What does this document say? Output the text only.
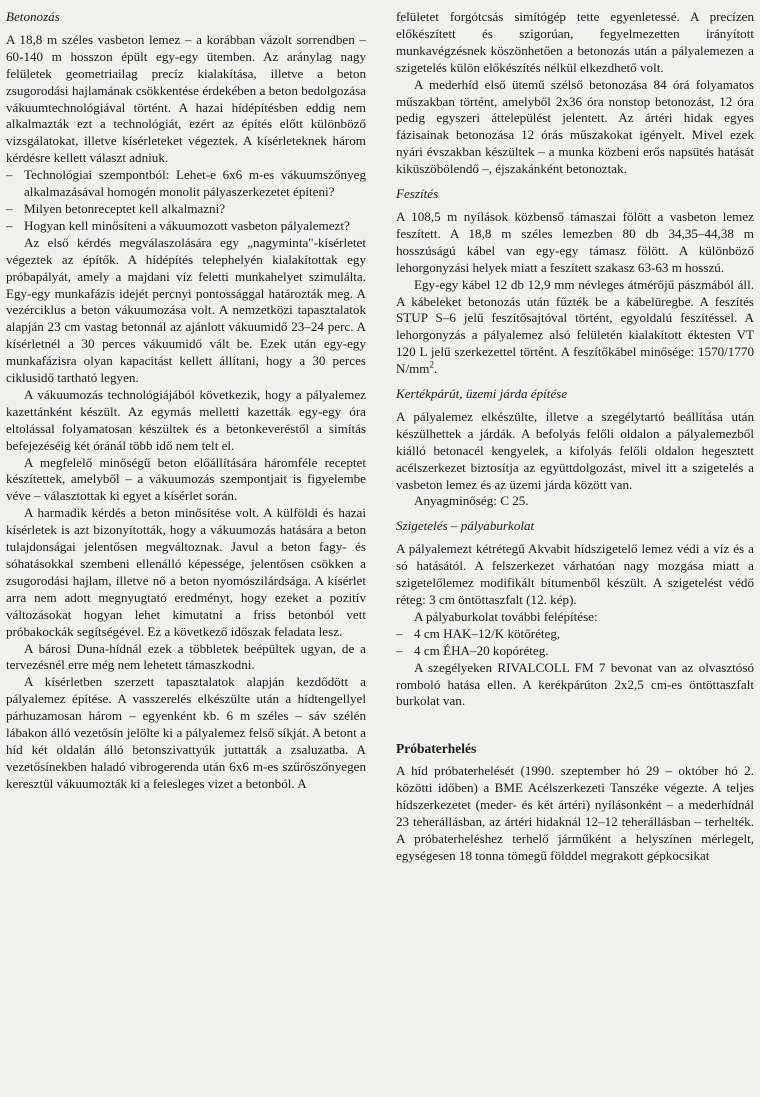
Betonozás

A 18,8 m széles vasbeton lemez – a korábban vázolt sorrendben – 60-140 m hosszon épült egy-egy ütemben. Az aránylag nagy felületek geometriailag precíz kialakítása, illetve a beton zsugorodási hajlamának csökkentése érdekében a beton bedolgozása vákuumtechnológiával történt. A hazai hídépítésben eddig nem alkalmazták ezt a technológiát, ezért az építés előtt különböző vizsgálatokat, illetve kísérleteket végeztek. A kísérleteknek három kérdésre kellett választ adniuk.

– Technológiai szempontból: Lehet-e 6x6 m-es vákuumszőnyeg alkalmazásával homogén monolit pályaszerkezetet építeni?
– Milyen betonreceptet kell alkalmazni?
– Hogyan kell minősíteni a vákuumozott vasbeton pályalemezt?

Az első kérdés megválaszolására egy „nagyminta"-kísérletet végeztek az építők. A hídépítés telephelyén kialakítottak egy próbapályát, amely a majdani víz feletti munkahelyet szimulálta. Egy-egy munkafázis idejét percnyi pontossággal határozták meg. A vezérciklus a beton vákuumozása volt. A nemzetközi tapasztalatok alapján 23 cm vastag betonnál az ajánlott vákuumidő 23–24 perc. A kísérletnél a 30 perces vákuumidő vált be. Ezek után egy-egy munkafázisra olyan kapacitást kellett állítani, hogy a 30 perces ciklusidő tartható legyen.

A vákuumozás technológiájából következik, hogy a pályalemez kazettánként készült. Az egymás melletti kazetták egy-egy óra eltolással folyamatosan készültek és a betonkeveréstől a simítás befejezéséig két óránál több idő nem telt el.

A megfelelő minőségű beton előállítására háromféle receptet készítettek, amelyből – a vákuumozás szempontjait is figyelembe véve – választottak ki egyet a kísérlet során.

A harmadik kérdés a beton minősítése volt. A külföldi és hazai kísérletek is azt bizonyították, hogy a vákuumozás hatására a beton tulajdonságai jelentősen megváltoznak. Javul a beton fagy- és sóhatásokkal szembeni ellenálló képessége, jelentősen csökken a zsugorodási hajlam, illetve nő a beton nyomószilárdsága. A kísérlet arra nem adott megnyugtató eredményt, hogy ezeket a pozitív változásokat hogyan lehet kimutatni a friss betonból vett próbakockák segítségével. Ez a következő időszak feladata lesz.

A bárosi Duna-hídnál ezek a többletek beépültek ugyan, de a tervezésnél erre még nem lehetett támaszkodni.

A kísérletben szerzett tapasztalatok alapján kezdődött a pályalemez építése. A vasszerelés elkészülte után a hídtengellyel párhuzamosan három – egyenként kb. 6 m széles – sáv szélén lábakon álló vezetősín jelölte ki a pályalemez felső síkját. A betont a híd két oldalán álló betonszivattyúk juttatták a zsaluzatba. A vezetősínekben haladó vibrogerenda után 6x6 m-es szűrőszőnyegen keresztül vákuumozták ki a felesleges vizet a betonból. A

felületet forgótcsás simítógép tette egyenletessé. A precízen előkészített és szigorúan, fegyelmezetten irányított munkavégzésnek köszönhetően a betonozás után a pályalemezen a szigetelés külön előkészítés nélkül elkezdhető volt.

A mederhíd első ütemű szélső betonozása 84 órá folyamatos műszakban történt, amelyből 2x36 óra nonstop betonozást, 12 óra pedig egyszeri áttelepülést jelentett. Az ártéri hidak egyes fázisainak betonozása 12 órás műszakokat igényelt. Mivel ezek nyári évszakban készültek – a munka közbeni erős napsütés hatását kiküszöbölendő –, éjszakánként betonoztak.

Feszítés

A 108,5 m nyílások közbenső támaszai fölött a vasbeton lemez feszített. A 18,8 m széles lemezben 80 db 34,35–44,38 m hosszúságú kábel van egy-egy támasz fölött. A különböző lehorgonyzási helyek miatt a feszített szakasz 63-63 m hosszú.

Egy-egy kábel 12 db 12,9 mm névleges átmérőjű pászmából áll. A kábeleket betonozás után fűzték be a kábelüregbe. A feszítés STUP S–6 jelű feszítősajtóval történt, egyoldalú feszítéssel. A lehorgonyzás a pályalemez alsó felületén kialakított éktesten VT 120 L jelű szerkezettel történt. A feszítőkábel minősége: 1570/1770 $N/mm^2$.

Kertékpárút, üzemi járda építése

A pályalemez elkészülte, illetve a szegélytartó beállítása után készülhettek a járdák. A befolyás felőli oldalon a pályalemezből kiálló betonacél kengyelek, a kifolyás felőli oldalon hegesztett acélszerkezet biztosítja az együttdolgozást, mivel itt a szigetelés a vasbeton lemez és az üzemi járda között van.

Anyagminőség: C 25.

Szigetelés – pályaburkolat

A pályalemezt kétrétegű Akvabit hídszigetelő lemez védi a víz és a só hatásától. A felszerkezet várhatóan nagy mozgása miatt a szigetelőlemez modifikált bitumenből készült. A szigetelést védő réteg: 3 cm öntöttaszfalt (12. kép).

A pályaburkolat további felépítése:

– 4 cm HAK–12/K kötőréteg,
– 4 cm ÉHA–20 kopóréteg.

A szegélyeken RIVALCOLL FM 7 bevonat van az olvasztósó romboló hatása ellen. A kerékpárúton 2x2,5 cm-es öntöttaszfalt burkolat van.

Próbaterhelés

A híd próbaterhelését (1990. szeptember hó 29 – október hó 2. közötti időben) a BME Acélszerkezeti Tanszéke végezte. A teljes hídszerkezetet (meder- és két ártéri) nyílásonként – a mederhídnál 23 teherállásban, az ártéri hidaknál 12–12 teherállásban – terhelték. A próbaterheléshez terhelő járműként a helyszínen mérlegelt, egységesen 18 tonna tömegű földdel megrakott gépkocsikat
